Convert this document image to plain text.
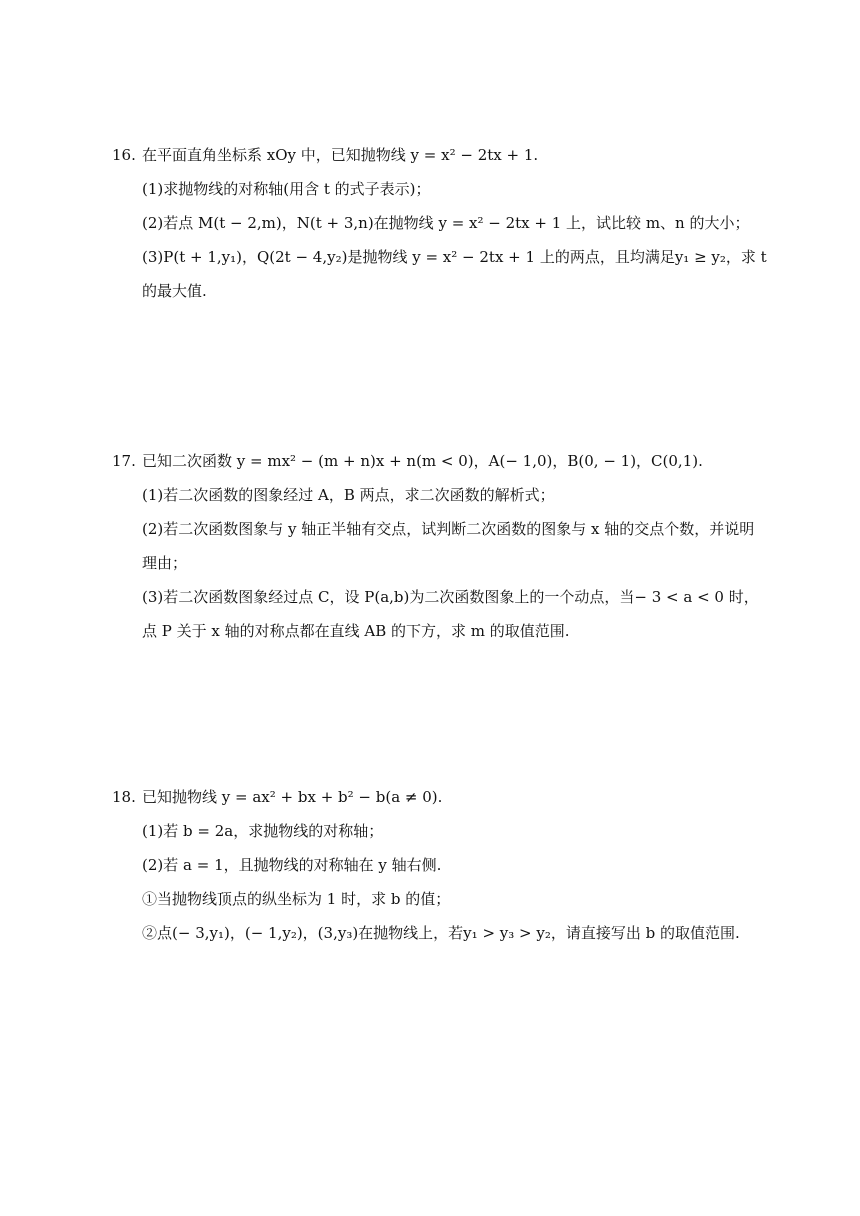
16. 在平面直角坐标系 xOy 中，已知抛物线 y = x² − 2tx + 1.
(1)求抛物线的对称轴(用含 t 的式子表示)；
(2)若点 M(t − 2,m)，N(t + 3,n)在抛物线 y = x² − 2tx + 1 上，试比较 m、n 的大小；
(3)P(t + 1,y₁)，Q(2t − 4,y₂)是抛物线 y = x² − 2tx + 1 上的两点，且均满足y₁ ≥ y₂，求 t
的最大值.
17. 已知二次函数 y = mx² − (m + n)x + n(m < 0)，A(− 1,0)，B(0, − 1)，C(0,1).
(1)若二次函数的图象经过 A，B 两点，求二次函数的解析式；
(2)若二次函数图象与 y 轴正半轴有交点，试判断二次函数的图象与 x 轴的交点个数，并说明
理由；
(3)若二次函数图象经过点 C，设 P(a,b)为二次函数图象上的一个动点，当− 3 < a < 0 时，
点 P 关于 x 轴的对称点都在直线 AB 的下方，求 m 的取值范围.
18. 已知抛物线 y = ax² + bx + b² − b(a ≠ 0).
(1)若 b = 2a，求抛物线的对称轴；
(2)若 a = 1，且抛物线的对称轴在 y 轴右侧.
①当抛物线顶点的纵坐标为 1 时，求 b 的值；
②点(− 3,y₁)，(− 1,y₂)，(3,y₃)在抛物线上，若y₁ > y₃ > y₂，请直接写出 b 的取值范围.
